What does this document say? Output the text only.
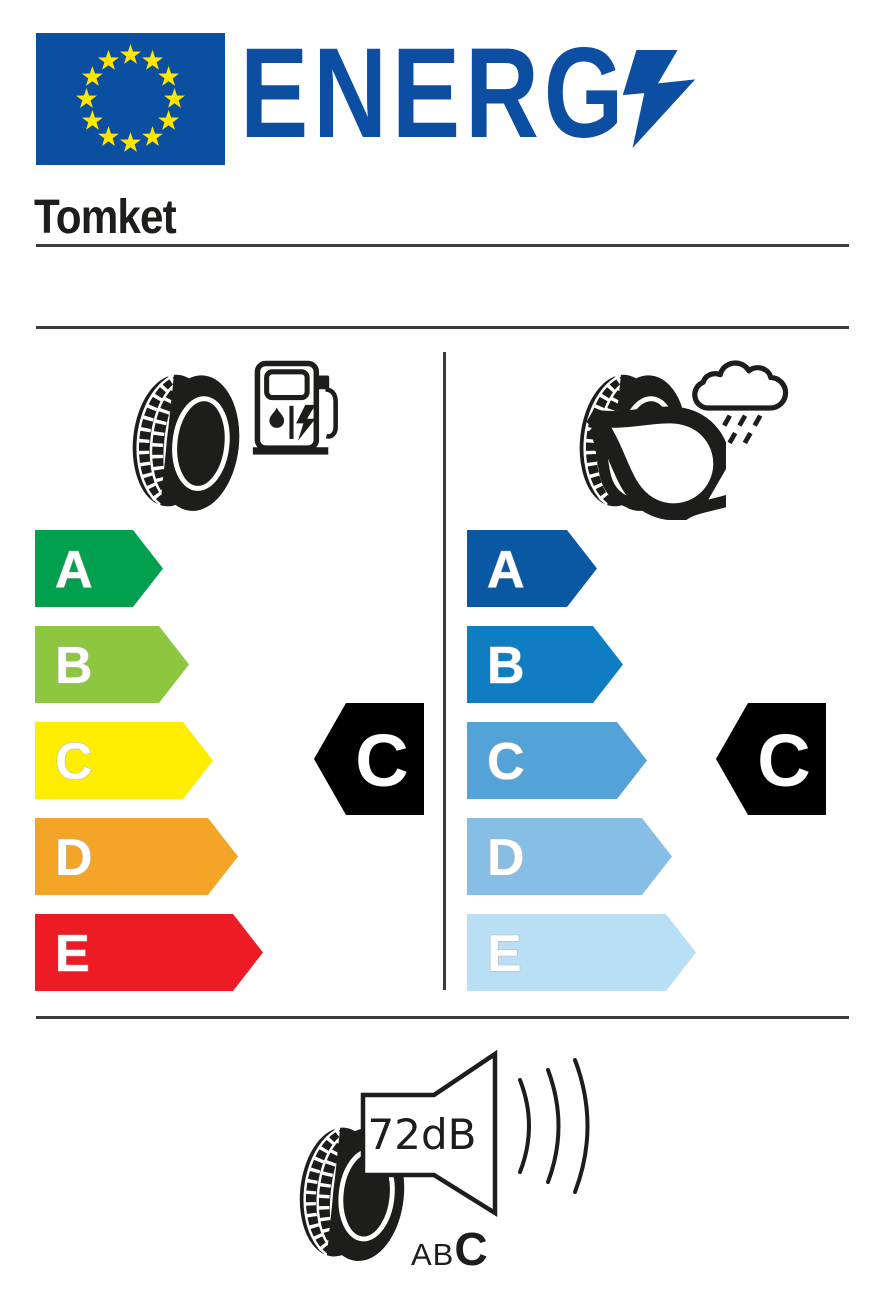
ENERG
Tomket
A
B
C
D
E
C
A
B
C
D
E
C
72dB
AB C
